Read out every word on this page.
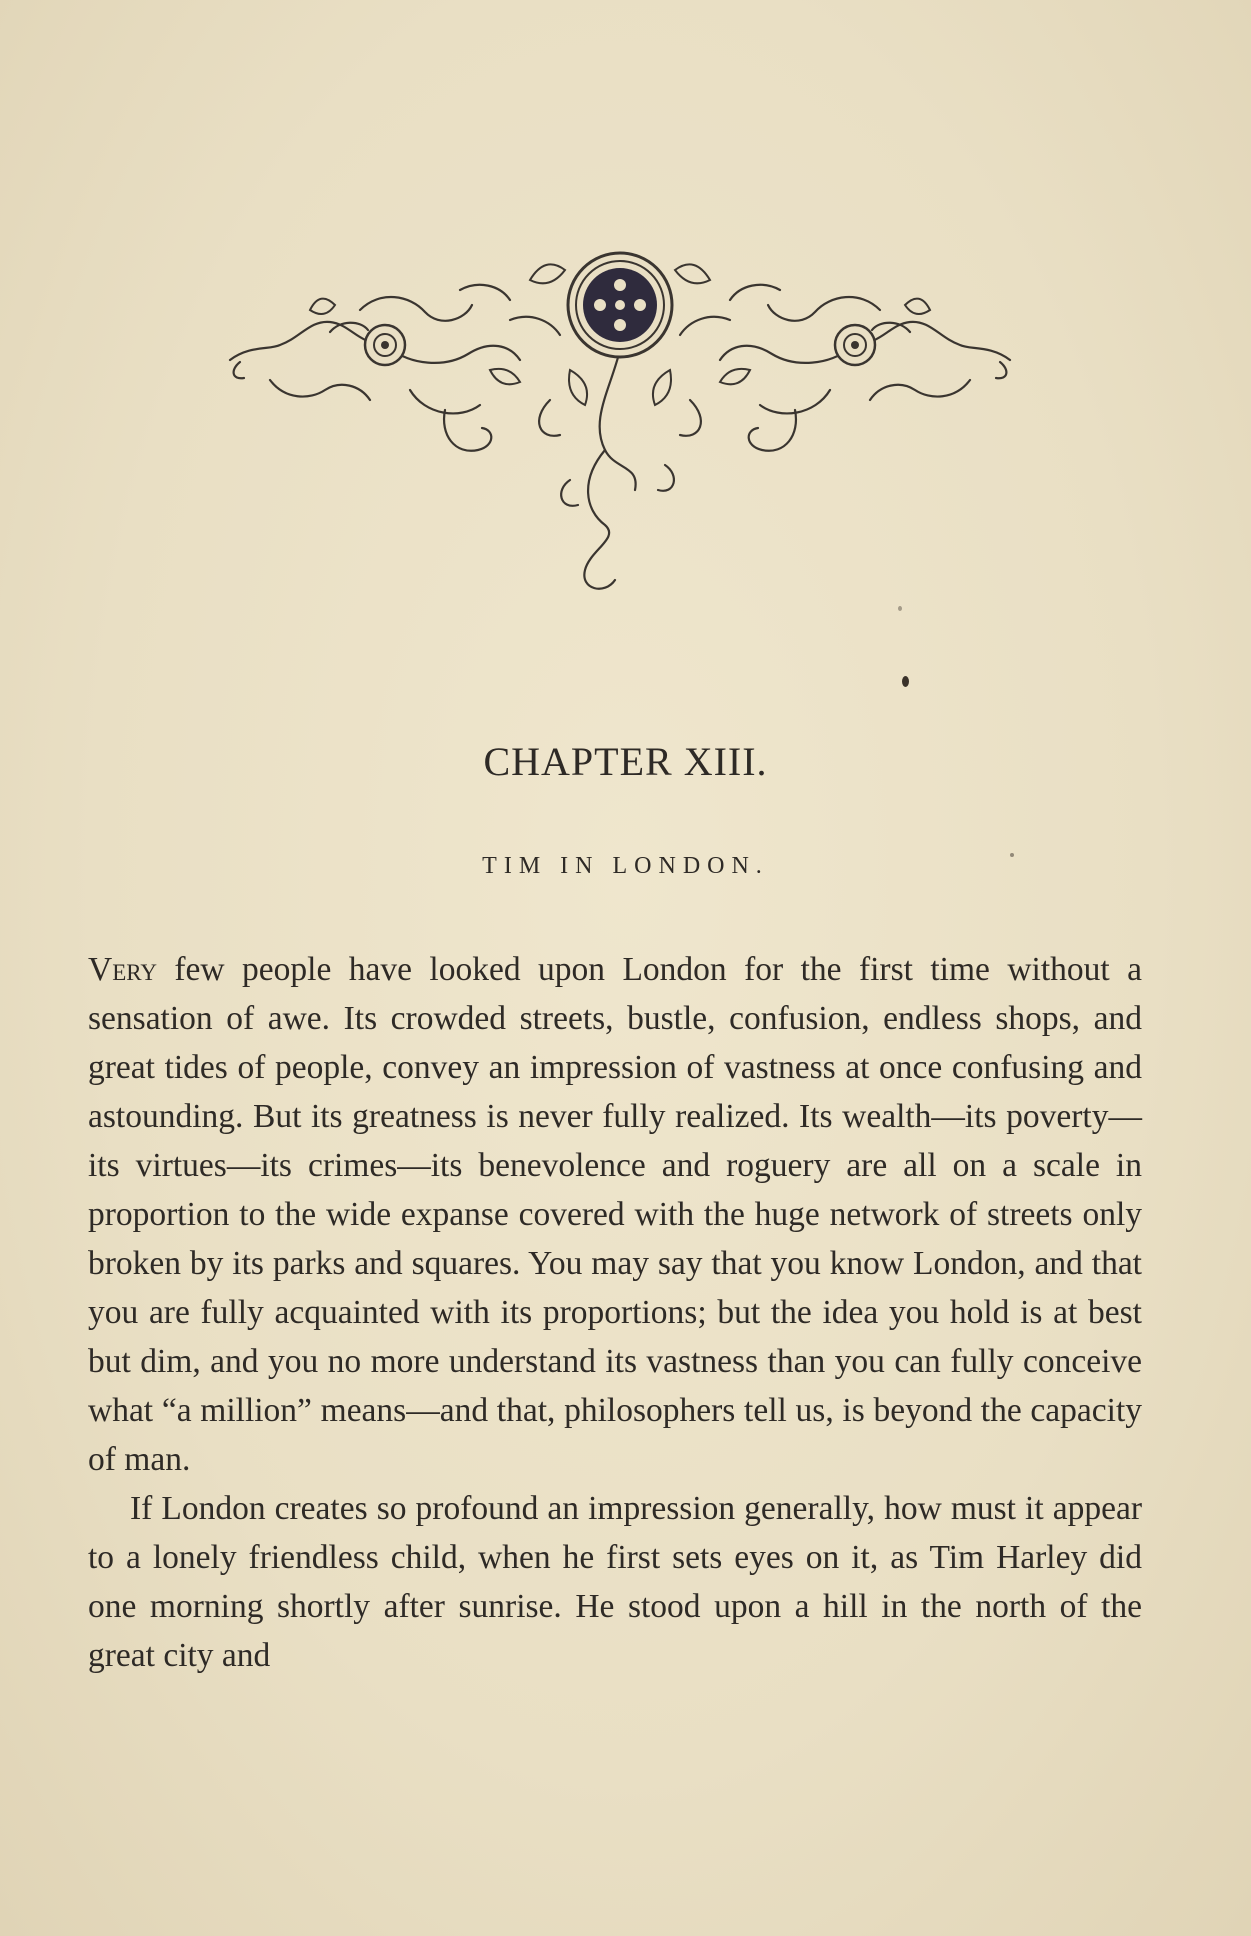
CHAPTER XIII.
TIM IN LONDON.

Very few people have looked upon London for the first time without a sensation of awe. Its crowded streets, bustle, confusion, endless shops, and great tides of people, convey an impression of vastness at once confusing and astounding. But its greatness is never fully realized. Its wealth—its poverty—its virtues—its crimes—its benevolence and roguery are all on a scale in proportion to the wide expanse covered with the huge network of streets only broken by its parks and squares. You may say that you know London, and that you are fully acquainted with its proportions; but the idea you hold is at best but dim, and you no more understand its vastness than you can fully conceive what “a million” means—and that, philosophers tell us, is beyond the capacity of man.

If London creates so profound an impression generally, how must it appear to a lonely friendless child, when he first sets eyes on it, as Tim Harley did one morning shortly after sunrise. He stood upon a hill in the north of the great city and
